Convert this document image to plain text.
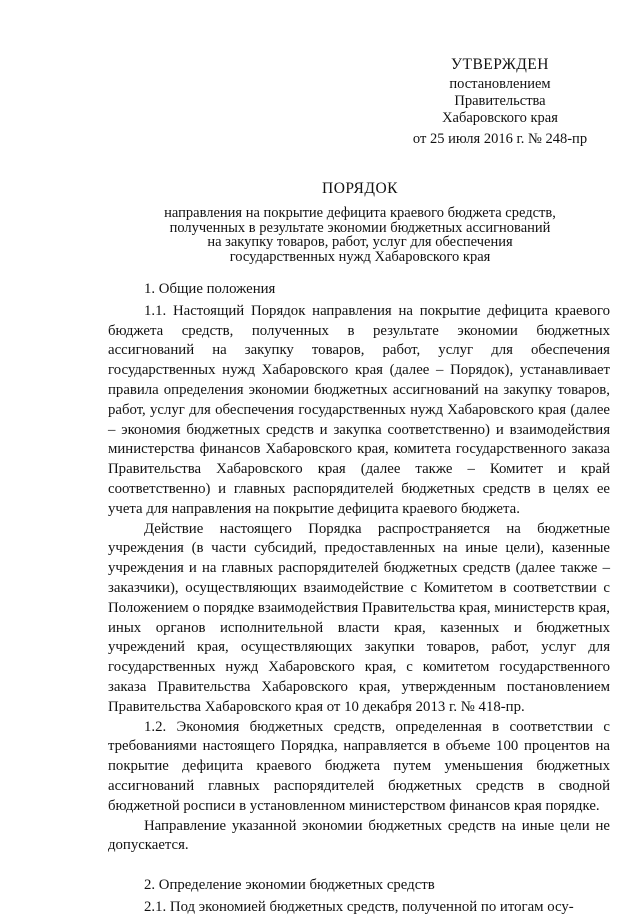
УТВЕРЖДЕН
постановлением
Правительства
Хабаровского края
от 25 июля 2016 г. № 248-пр
ПОРЯДОК
направления на покрытие дефицита краевого бюджета средств,
полученных в результате экономии бюджетных ассигнований
на закупку товаров, работ, услуг для обеспечения
государственных нужд Хабаровского края
1. Общие положения

1.1. Настоящий Порядок направления на покрытие дефицита краевого бюджета средств, полученных в результате экономии бюджетных ассигнований на закупку товаров, работ, услуг для обеспечения государственных нужд Хабаровского края (далее – Порядок), устанавливает правила определения экономии бюджетных ассигнований на закупку товаров, работ, услуг для обеспечения государственных нужд Хабаровского края (далее – экономия бюджетных средств и закупка соответственно) и взаимодействия министерства финансов Хабаровского края, комитета государственного заказа Правительства Хабаровского края (далее также – Комитет и край соответственно) и главных распорядителей бюджетных средств в целях ее учета для направления на покрытие дефицита краевого бюджета.

Действие настоящего Порядка распространяется на бюджетные учреждения (в части субсидий, предоставленных на иные цели), казенные учреждения и на главных распорядителей бюджетных средств (далее также – заказчики), осуществляющих взаимодействие с Комитетом в соответствии с Положением о порядке взаимодействия Правительства края, министерств края, иных органов исполнительной власти края, казенных и бюджетных учреждений края, осуществляющих закупки товаров, работ, услуг для государственных нужд Хабаровского края, с комитетом государственного заказа Правительства Хабаровского края, утвержденным постановлением Правительства Хабаровского края от 10 декабря 2013 г. № 418-пр.

1.2. Экономия бюджетных средств, определенная в соответствии с требованиями настоящего Порядка, направляется в объеме 100 процентов на покрытие дефицита краевого бюджета путем уменьшения бюджетных ассигнований главных распорядителей бюджетных средств в сводной бюджетной росписи в установленном министерством финансов края порядке.

Направление указанной экономии бюджетных средств на иные цели не допускается.

2. Определение экономии бюджетных средств

2.1. Под экономией бюджетных средств, полученной по итогам осу-
